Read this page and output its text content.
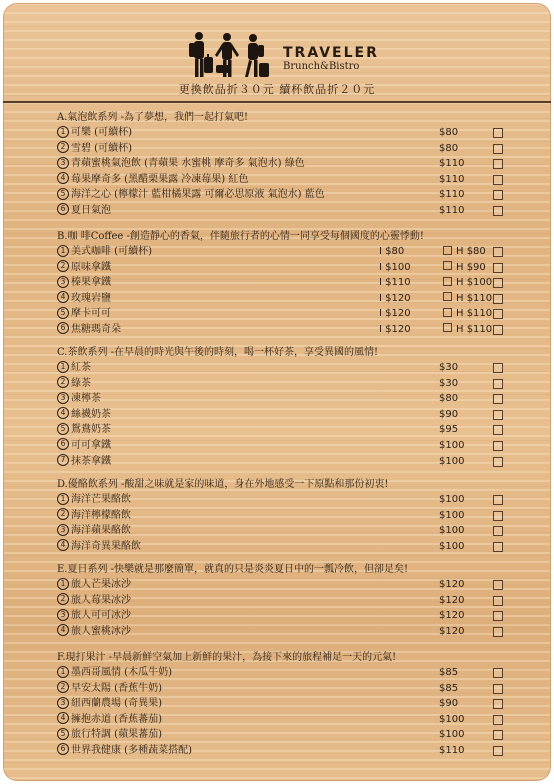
TRAVELER
Brunch&Bistro
更換飲品折３０元 續杯飲品折２０元
A.氣泡飲系列 -為了夢想，我們一起打氣吧!
1 可樂 (可續杯)	$80
2 雪碧 (可續杯)	$80
3 青蘋蜜桃氣泡飲 (青蘋果 水蜜桃 摩奇多 氣泡水) 綠色	$110
4 莓果摩奇多 (黑醋栗果露 冷凍莓果) 紅色	$110
5 海洋之心 (檸檬汁 藍柑橘果露 可爾必思原液 氣泡水) 藍色	$110
6 夏日氣泡	$110
B.咖 啡Coffee -創造靜心的香氣，伴隨旅行者的心情一同享受每個國度的心靈悸動!
1 美式咖啡 (可續杯)	I $80	H $80
2 原味拿鐵	I $100	H $90
3 榛果拿鐵	I $110	H $100
4 玫瑰岩鹽	I $120	H $110
5 摩卡可可	I $120	H $110
6 焦糖瑪奇朵	I $120	H $110
C.茶飲系列 -在早晨的時光與午後的時刻，喝一杯好茶，享受異國的風情!
1 紅茶	$30
2 綠茶	$30
3 凍檸茶	$80
4 絲襪奶茶	$90
5 鴛鴦奶茶	$95
6 可可拿鐵	$100
7 抹茶拿鐵	$100
D.優酪飲系列 -酸甜之味就是家的味道，身在外地感受一下原點和那份初衷!
1 海洋芒果酪飲	$100
2 海洋檸檬酪飲	$100
3 海洋蘋果酪飲	$100
4 海洋奇異果酪飲	$100
E.夏日系列 -快樂就是那麼簡單，就真的只是炎炎夏日中的一瓢冷飲，但卻足矣!
1 旅人芒果冰沙	$120
2 旅人莓果冰沙	$120
3 旅人可可冰沙	$120
4 旅人蜜桃冰沙	$120
F.現打果汁 -早晨新鮮空氣加上新鮮的果汁，為接下來的旅程補足一天的元氣!
1 墨西哥風情 (木瓜牛奶)	$85
2 早安太陽 (香蕉牛奶)	$85
3 紐西蘭農場 (奇異果)	$90
4 擁抱赤道 (香蕉蕃茄)	$100
5 旅行特調 (蘋果蕃茄)	$100
6 世界我健康 (多種蔬菜搭配)	$110
